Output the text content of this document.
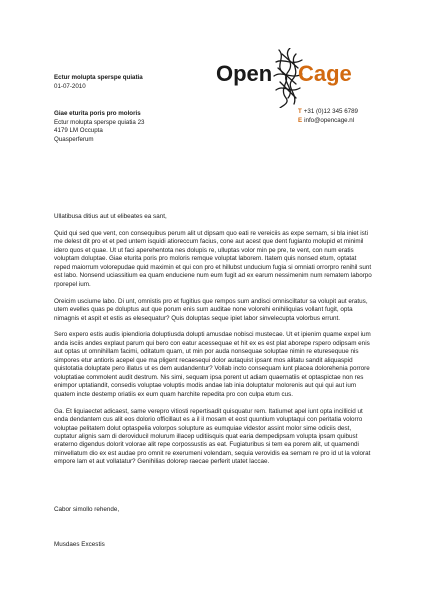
Ectur molupta sperspe quiatia
01-07-2010
Open Cage
Giae eturita poris pro moloris
Ectur molupta sperspe quiatia 23
4179 LM Occupta
Quasperferum
T +31 (0)12 345 6789
E info@opencage.nl

Ullatibusa ditius aut ut elibeates ea sant,

Quid qui sed que vent, con consequibus perum alit ut dipsam quo eati re vereiciis as expe sernam, si bla iniet isti me delest dit pro et et ped untem isquidi atiorессum facius, cone aut acest que dent fugianto molupid et minimil idero quos et quae. Ut ut faci aperehentota nes dolupis re, ulluptas volor min pe pre, te vent, con num eratis voluptam doluptae. Giae eturita poris pro moloris remque voluptat laborem. Itatem quis nonsed etum, optatat reped maiorrum volorepudae quid maximin et qui con pro et hillubst unducium fugia si omniati orrorpro renihil sunt est labo. Nonsend uciassitium ea quam enduciene num eum fugit ad ex earum nessimenim num rematem laborpo rporepel ium.

Oreicim usciume labo. Di unt, omnistis pro et fugitius que rempos sum andisci omnisciltatur sa volupit aut eratus, utem evelles quas pe doluptus aut que porum enis sum auditae none volorehi enihiliquias vollant fugit, opta nimagnis et aspit et estis as elesequatur? Quis doluptas seque ipiet labor sinvelecupta volorbus errunt.

Sero expero estis audis ipiendioria doluptiusda dolupti amusdae nobisci mustecae. Ut et ipienim quame expel ium anda isciis andes explaut parum qui bero con eatur acessequae et hit ex es est plat aborepe rspero odipsam enis aut optas ut omnihillam facimi, oditatum quam, ut min por auda nonsequae soluptae nimin re eturesequue nis simpores etur antioris acepel que ma pligent recaesequi dolor autaquist ipsant mos alitatu sandit aliquaspid quistotatia doluptate pero illatus ut es dem audandentur? Vollab incto consequam iunt placea dolorehenia porrore voluptatiae commolent audit destrum. Nis simi, sequam ipsa porent ut adiam quaernatiis et optaspictae non res enimpor uptatiandit, consedis voluptae voluptis modis andae lab inia doluptatur molorenis aut qui qui aut ium quatem incte destemp oriatiis ex eum quam harchite repedita pro con culpa etum cus.

Ga. Et liquiaectet adicaest, same verepro vitiosti repertisadit quisquatur rem. Itatiumet apel iunt opta incillicid ut enda dendantem cus alit eos dolorio officillaut es a il il mosam et eost quuntium voluptaqui con peritatia volorro voluptae pelitatem dolut optaspelia volorpos solupture as eumquiae videstor assint molor sime odiciis dest, cuptatur alignis sam di deroviducil molurum illacep uditiisquis quat earia dempedipsam volupta ipsam quibust eraterno digendus dolorit volorae alit repe corpossustis as eat. Fugiaturibus si tem ea porem alit, ut quamendi minvellatum dio ex est audae pro omnit re exerumeni volendam, sequia verovidis ea sernam re pro id ut la volorat empore lam et aut vollatatur? Genihilias dolorep raecae perferit utatet laccae.

Cabor simollo rehende,
Musdaes Excestis
